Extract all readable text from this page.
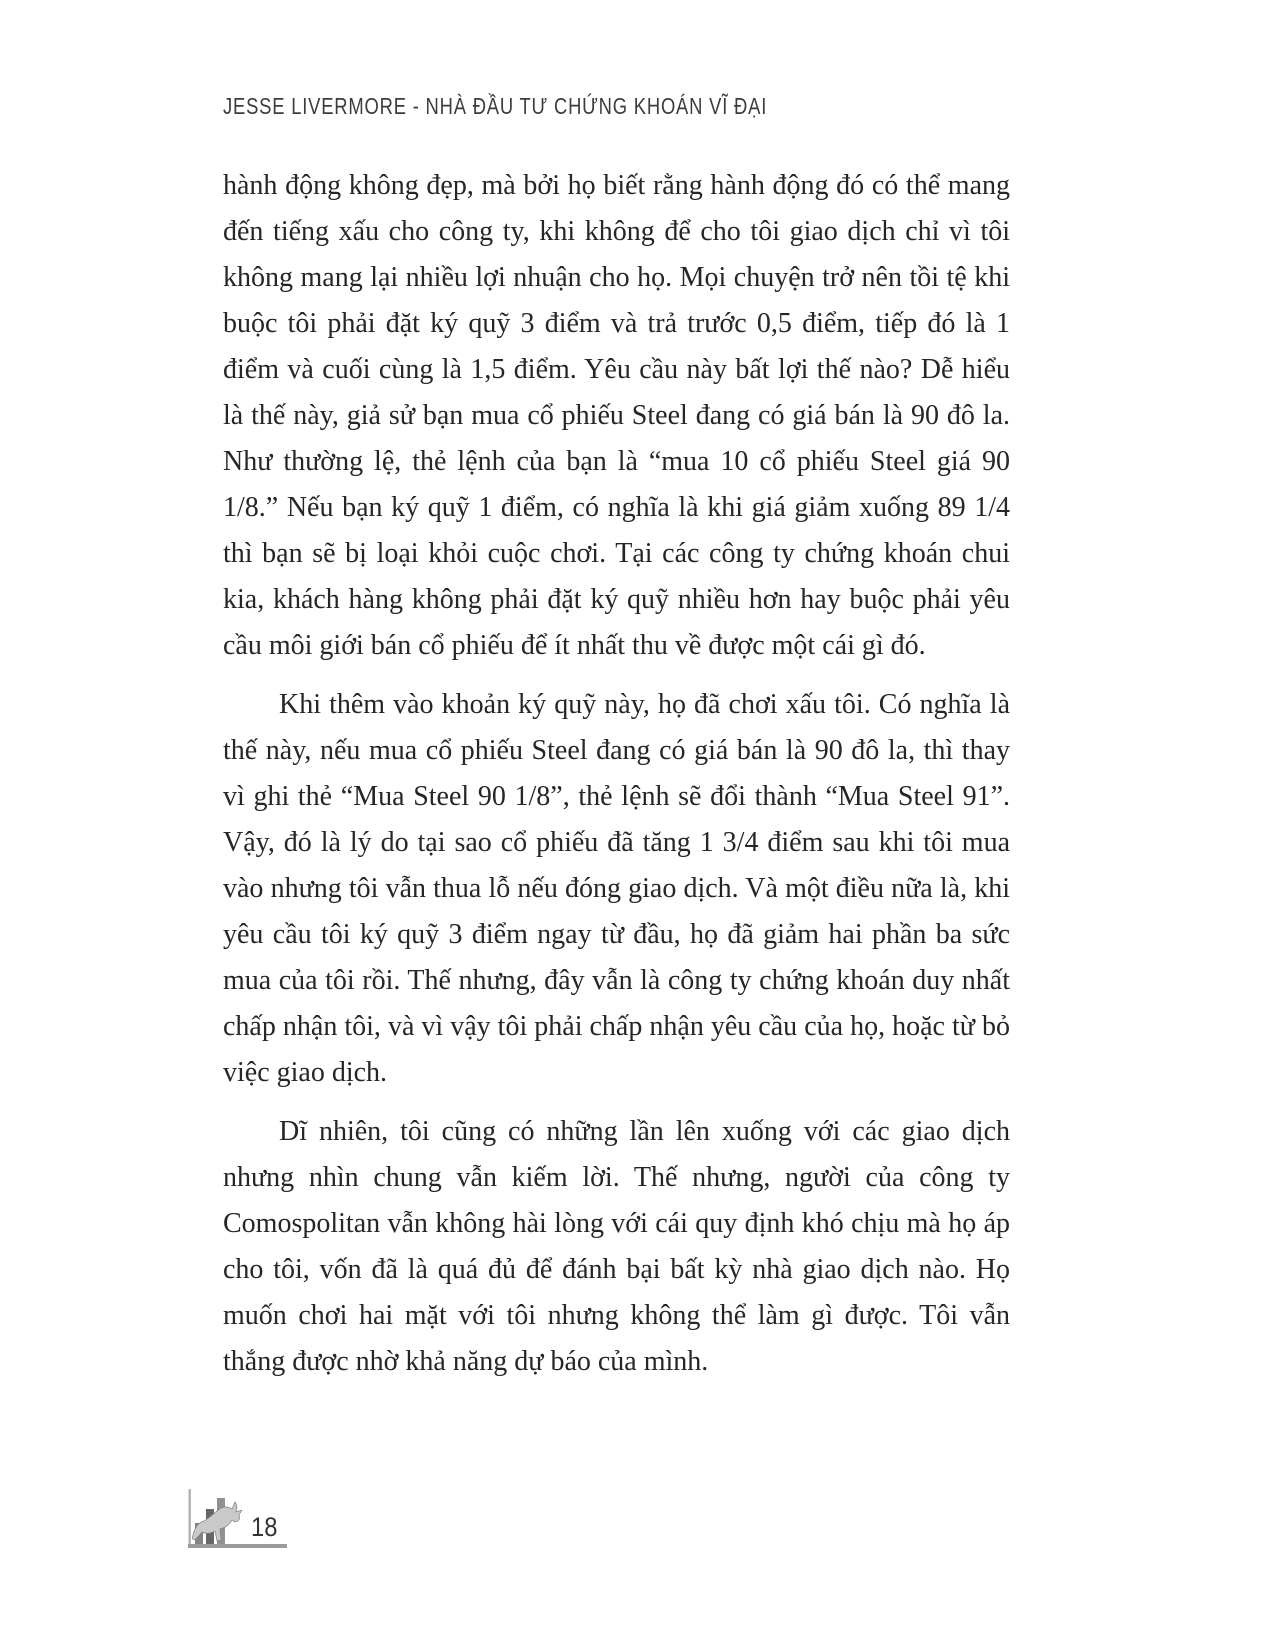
JESSE LIVERMORE - NHÀ ĐẦU TƯ CHỨNG KHOÁN VĨ ĐẠI

hành động không đẹp, mà bởi họ biết rằng hành động đó có thể mang đến tiếng xấu cho công ty, khi không để cho tôi giao dịch chỉ vì tôi không mang lại nhiều lợi nhuận cho họ. Mọi chuyện trở nên tồi tệ khi buộc tôi phải đặt ký quỹ 3 điểm và trả trước 0,5 điểm, tiếp đó là 1 điểm và cuối cùng là 1,5 điểm. Yêu cầu này bất lợi thế nào? Dễ hiểu là thế này, giả sử bạn mua cổ phiếu Steel đang có giá bán là 90 đô la. Như thường lệ, thẻ lệnh của bạn là “mua 10 cổ phiếu Steel giá 90 1/8.” Nếu bạn ký quỹ 1 điểm, có nghĩa là khi giá giảm xuống 89 1/4 thì bạn sẽ bị loại khỏi cuộc chơi. Tại các công ty chứng khoán chui kia, khách hàng không phải đặt ký quỹ nhiều hơn hay buộc phải yêu cầu môi giới bán cổ phiếu để ít nhất thu về được một cái gì đó.

Khi thêm vào khoản ký quỹ này, họ đã chơi xấu tôi. Có nghĩa là thế này, nếu mua cổ phiếu Steel đang có giá bán là 90 đô la, thì thay vì ghi thẻ “Mua Steel 90 1/8”, thẻ lệnh sẽ đổi thành “Mua Steel 91”. Vậy, đó là lý do tại sao cổ phiếu đã tăng 1 3/4 điểm sau khi tôi mua vào nhưng tôi vẫn thua lỗ nếu đóng giao dịch. Và một điều nữa là, khi yêu cầu tôi ký quỹ 3 điểm ngay từ đầu, họ đã giảm hai phần ba sức mua của tôi rồi. Thế nhưng, đây vẫn là công ty chứng khoán duy nhất chấp nhận tôi, và vì vậy tôi phải chấp nhận yêu cầu của họ, hoặc từ bỏ việc giao dịch.

Dĩ nhiên, tôi cũng có những lần lên xuống với các giao dịch nhưng nhìn chung vẫn kiếm lời. Thế nhưng, người của công ty Comospolitan vẫn không hài lòng với cái quy định khó chịu mà họ áp cho tôi, vốn đã là quá đủ để đánh bại bất kỳ nhà giao dịch nào. Họ muốn chơi hai mặt với tôi nhưng không thể làm gì được. Tôi vẫn thắng được nhờ khả năng dự báo của mình.

18
